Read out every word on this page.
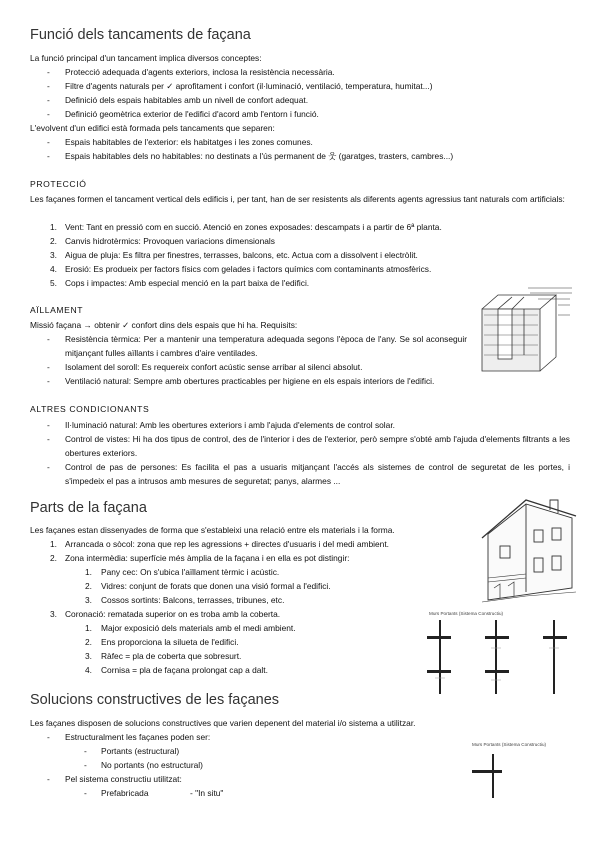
Funció dels tancaments de façana
La funció principal d'un tancament implica diversos conceptes:
- Protecció adequada d'agents exteriors, inclosa la resistència necessària.
- Filtre d'agents naturals per ✓ aprofitament i confort (il·luminació, ventilació, temperatura, humitat...)
- Definició dels espais habitables amb un nivell de confort adequat.
- Definició geomètrica exterior de l'edifici d'acord amb l'entorn i funció.
L'evolvent d'un edifici està formada pels tancaments que separen:
- Espais habitables de l'exterior: els habitatges i les zones comunes.
- Espais habitables dels no habitables: no destinats a l'ús permanent de 웃 (garatges, trasters, cambres...)
PROTECCIÓ
Les façanes formen el tancament vertical dels edificis i, per tant, han de ser resistents als diferents agents agressius tant naturals com artificials:
1. Vent: Tant en pressió com en succió. Atenció en zones exposades: descampats i a partir de 6ª planta.
2. Canvis hidrotèrmics: Provoquen variacions dimensionals
3. Aigua de pluja: Es filtra per finestres, terrasses, balcons, etc. Actua com a dissolvent i electròlit.
4. Erosió: Es produeix per factors físics com gelades i factors químics com contaminants atmosfèrics.
5. Cops i impactes: Amb especial menció en la part baixa de l'edifici.
AÏLLAMENT
Missió façana → obtenir ✓ confort dins dels espais que hi ha. Requisits:
- Resistència tèrmica: Per a mantenir una temperatura adequada segons l'època de l'any. Se sol aconseguir mitjançant fulles aïllants i cambres d'aire ventilades.
- Isolament del soroll: Es requereix confort acústic sense arribar al silenci absolut.
- Ventilació natural: Sempre amb obertures practicables per higiene en els espais interiors de l'edifici.
ALTRES CONDICIONANTS
- Il·luminació natural: Amb les obertures exteriors i amb l'ajuda d'elements de control solar.
- Control de vistes: Hi ha dos tipus de control, des de l'interior i des de l'exterior, però sempre s'obté amb l'ajuda d'elements filtrants a les obertures exteriors.
- Control de pas de persones: Es facilita el pas a usuaris mitjançant l'accés als sistemes de control de seguretat de les portes, i s'impedeix el pas a intrusos amb mesures de seguretat; panys, alarmes ...
Parts de la façana
Les façanes estan dissenyades de forma que s'estableixi una relació entre els materials i la forma.
1. Arrancada o sòcol: zona que rep les agressions + directes d'usuaris i del medi ambient.
2. Zona intermèdia: superfície més àmplia de la façana i en ella es pot distingir:
1. Pany cec: On s'ubica l'aïllament tèrmic i acústic.
2. Vidres: conjunt de forats que donen una visió formal a l'edifici.
3. Cossos sortints: Balcons, terrasses, tribunes, etc.
3. Coronació: rematada superior on es troba amb la coberta.
1. Major exposició dels materials amb el medi ambient.
2. Ens proporciona la silueta de l'edifici.
3. Ràfec = pla de coberta que sobresurt.
4. Cornisa = pla de façana prolongat cap a dalt.
Murs Portants (Sistema Constructiu)
Solucions constructives de les façanes
Les façanes disposen de solucions constructives que varien depenent del material i/o sistema a utilitzar.
- Estructuralment les façanes poden ser:
- Portants (estructural)
- No portants (no estructural)
- Pel sistema constructiu utilitzat:
- Prefabricada	- "In situ"
Murs Portants (Sistema Constructiu)
